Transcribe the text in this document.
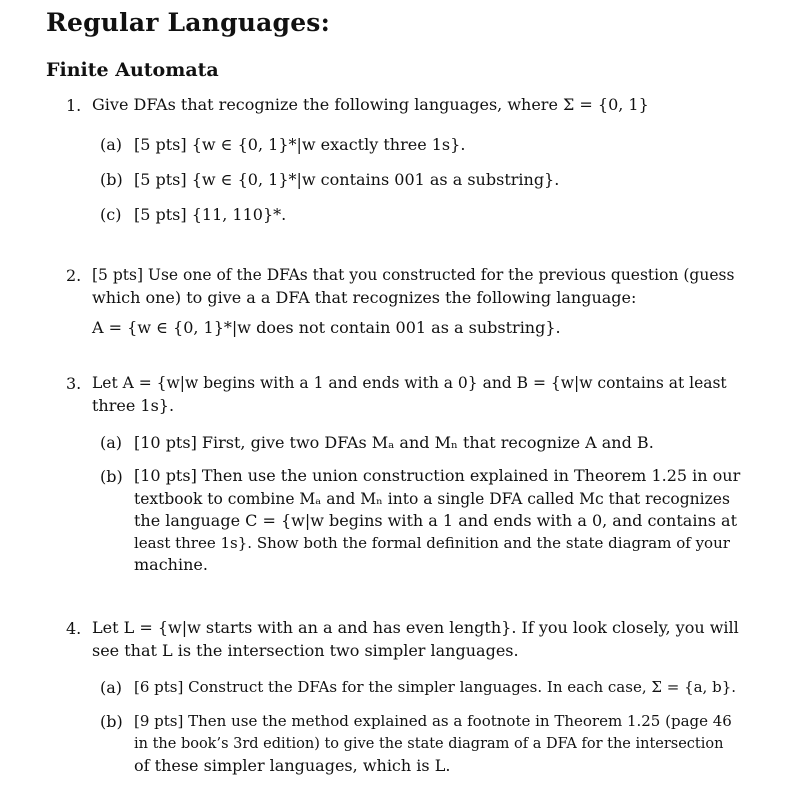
Regular Languages:
Finite Automata
1. Give DFAs that recognize the following languages, where Σ = {0, 1}
(a) [5 pts] {w ∈ {0, 1}*|w exactly three 1s}.
(b) [5 pts] {w ∈ {0, 1}*|w contains 001 as a substring}.
(c) [5 pts] {11, 110}*.
2. [5 pts] Use one of the DFAs that you constructed for the previous question (guess
which one) to give a a DFA that recognizes the following language:
A = {w ∈ {0, 1}*|w does not contain 001 as a substring}.
3. Let A = {w|w begins with a 1 and ends with a 0} and B = {w|w contains at least
three 1s}.
(a) [10 pts] First, give two DFAs Mₐ and Mₙ that recognize A and B.
(b) [10 pts] Then use the union construction explained in Theorem 1.25 in our
textbook to combine Mₐ and Mₙ into a single DFA called Mᴄ that recognizes
the language C = {w|w begins with a 1 and ends with a 0, and contains at
least three 1s}. Show both the formal definition and the state diagram of your
machine.
4. Let L = {w|w starts with an a and has even length}. If you look closely, you will
see that L is the intersection two simpler languages.
(a) [6 pts] Construct the DFAs for the simpler languages. In each case, Σ = {a, b}.
(b) [9 pts] Then use the method explained as a footnote in Theorem 1.25 (page 46
in the book’s 3rd edition) to give the state diagram of a DFA for the intersection
of these simpler languages, which is L.
